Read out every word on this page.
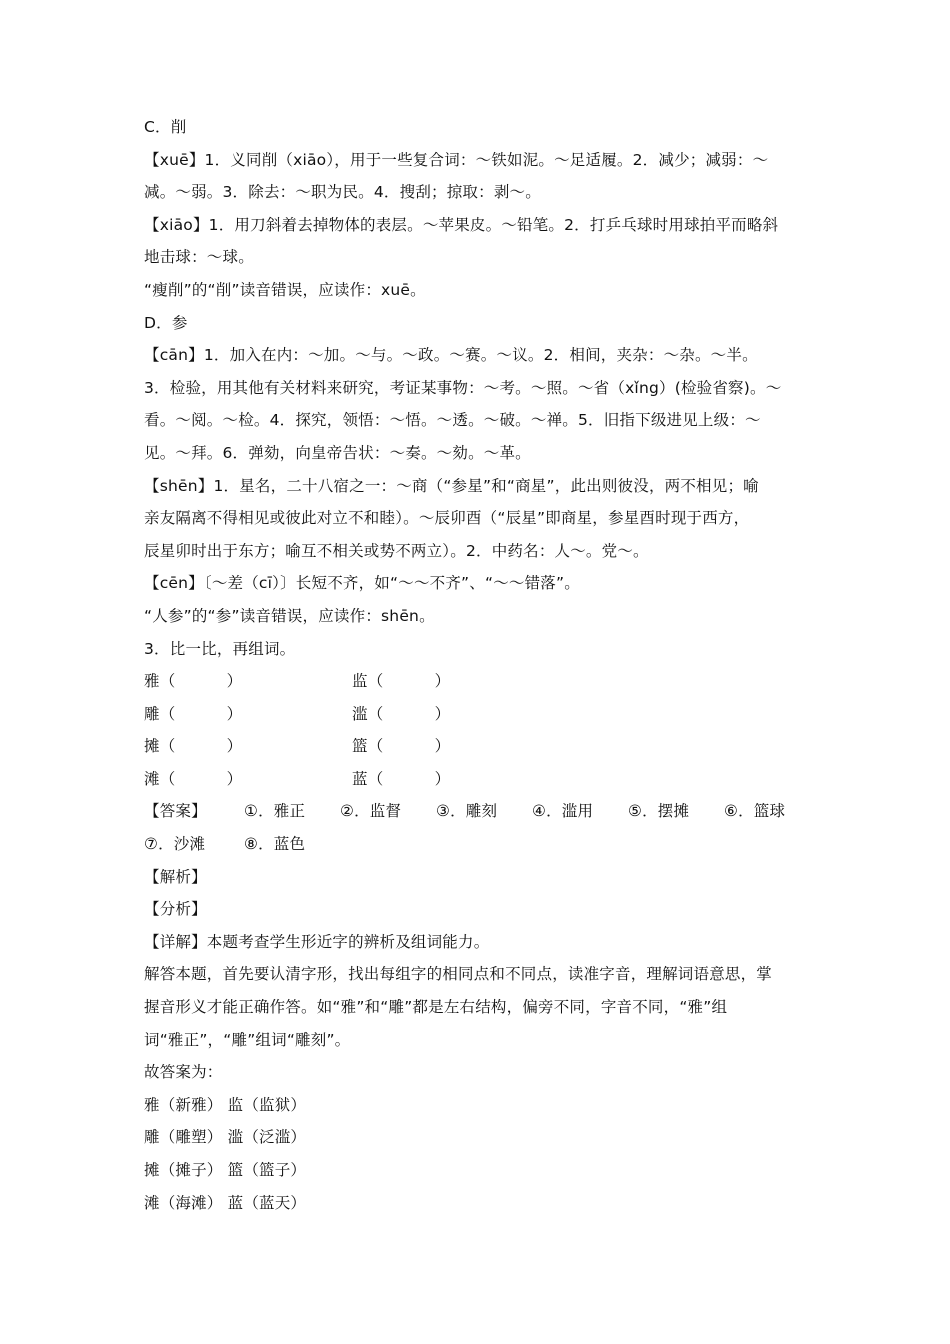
C．削
【xuē】1．义同削（xiāo），用于一些复合词：～铁如泥。～足适履。2．减少；减弱：～
减。～弱。3．除去：～职为民。4．搜刮；掠取：剥～。
【xiāo】1．用刀斜着去掉物体的表层。～苹果皮。～铅笔。2．打乒乓球时用球拍平而略斜
地击球：～球。
“瘦削”的“削”读音错误，应读作：xuē。
D．参
【cān】1．加入在内：～加。～与。～政。～赛。～议。2．相间，夹杂：～杂。～半。
3．检验，用其他有关材料来研究，考证某事物：～考。～照。～省（xǐng）(检验省察)。～
看。～阅。～检。4．探究，领悟：～悟。～透。～破。～禅。5．旧指下级进见上级：～
见。～拜。6．弹劾，向皇帝告状：～奏。～劾。～革。
【shēn】1．星名，二十八宿之一：～商（“参星”和“商星”，此出则彼没，两不相见；喻
亲友隔离不得相见或彼此对立不和睦）。～辰卯酉（“辰星”即商星，参星酉时现于西方，
辰星卯时出于东方；喻互不相关或势不两立）。2．中药名：人～。党～。
【cēn】〔～差（cī）〕长短不齐，如“～～不齐”、“～～错落”。
“人参”的“参”读音错误，应读作：shēn。
3．比一比，再组词。
雅（          ）	监（          ）
雕（          ）	滥（          ）
摊（          ）	篮（          ）
滩（          ）	蓝（          ）
【答案】	①．雅正	②．监督	③．雕刻	④．滥用	⑤．摆摊	⑥．篮球
⑦．沙滩	⑧．蓝色
【解析】
【分析】
【详解】本题考查学生形近字的辨析及组词能力。
解答本题，首先要认清字形，找出每组字的相同点和不同点，读准字音，理解词语意思，掌
握音形义才能正确作答。如“雅”和“雕”都是左右结构，偏旁不同，字音不同，“雅”组
词“雅正”，“雕”组词“雕刻”。
故答案为：
雅（新雅） 监（监狱）
雕（雕塑） 滥（泛滥）
摊（摊子） 篮（篮子）
滩（海滩） 蓝（蓝天）
